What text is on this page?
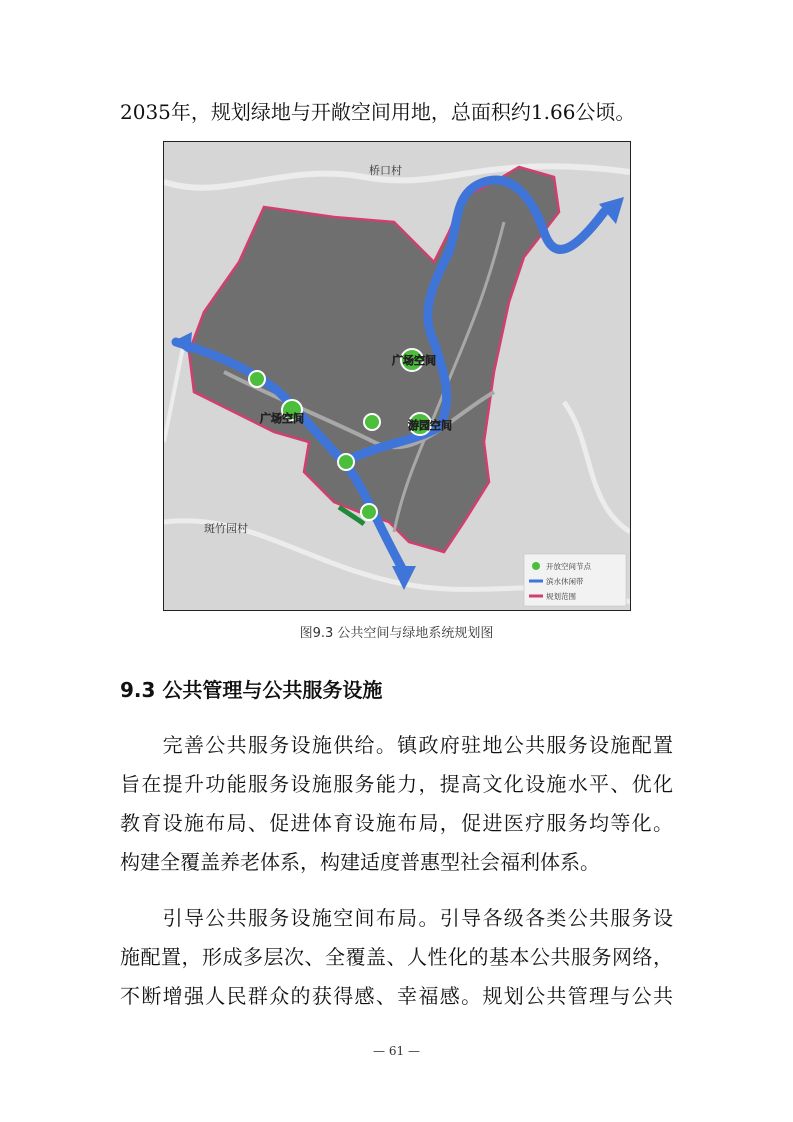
2035年，规划绿地与开敞空间用地，总面积约1.66公顷。
桥口村
斑竹园村
广场空间
广场空间
游园空间
开放空间节点
滨水休闲带
规划范围
图9.3 公共空间与绿地系统规划图
9.3 公共管理与公共服务设施
　　完善公共服务设施供给。镇政府驻地公共服务设施配置
旨在提升功能服务设施服务能力，提高文化设施水平、优化
教育设施布局、促进体育设施布局，促进医疗服务均等化。
构建全覆盖养老体系，构建适度普惠型社会福利体系。
　　引导公共服务设施空间布局。引导各级各类公共服务设
施配置，形成多层次、全覆盖、人性化的基本公共服务网络，
不断增强人民群众的获得感、幸福感。规划公共管理与公共
— 61 —
